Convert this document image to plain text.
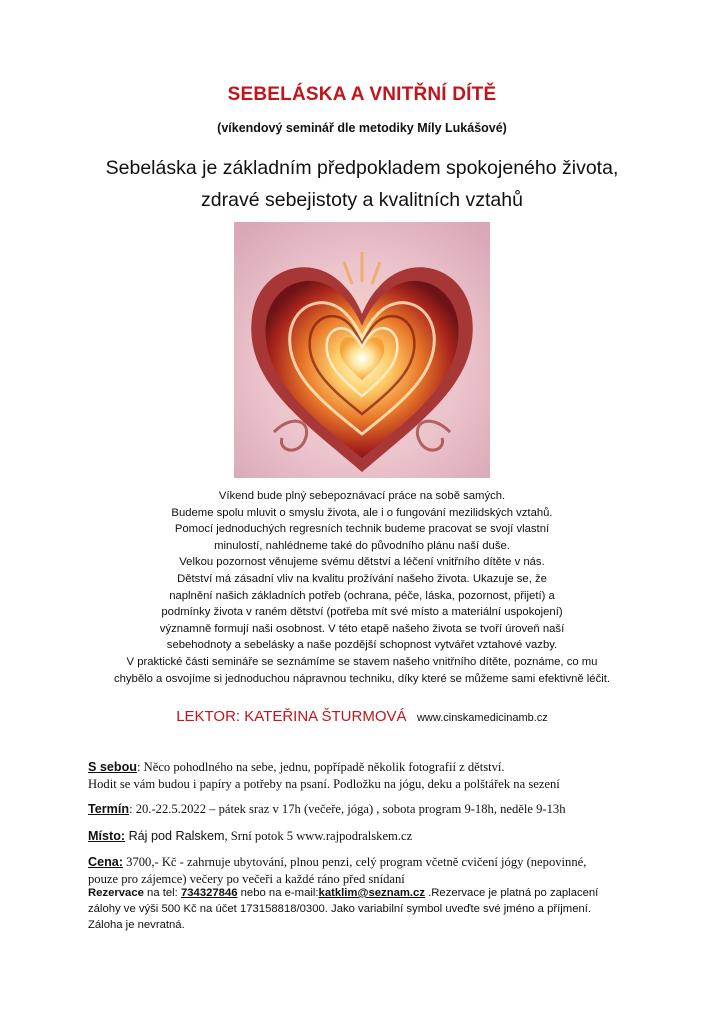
SEBELÁSKA A VNITŘNÍ DÍTĚ
(víkendový seminář dle metodiky Míly Lukášové)
Sebeláska je základním předpokladem spokojeného života,
zdravé sebejistoty a kvalitních vztahů
Víkend bude plný sebepoznávací práce na sobě samých.
Budeme spolu mluvit o smyslu života, ale i o fungování mezilidských vztahů.
Pomocí jednoduchých regresních technik budeme pracovat se svojí vlastní
minulostí, nahlédneme také do původního plánu naší duše.
Velkou pozornost věnujeme svému dětství a léčení vnitřního dítěte v nás.
Dětství má zásadní vliv na kvalitu prožívání našeho života. Ukazuje se, že
naplnění našich základních potřeb (ochrana, péče, láska, pozornost, přijetí) a
podmínky života v raném dětství (potřeba mít své místo a materiální uspokojení)
významně formují naši osobnost. V této etapě našeho života se tvoří úroveň naší
sebehodnoty a sebelásky a naše pozdější schopnost vytvářet vztahové vazby.
V praktické části semináře se seznámíme se stavem našeho vnitřního dítěte, poznáme, co mu
chybělo a osvojíme si jednoduchou nápravnou techniku, díky které se můžeme sami efektivně léčit.
LEKTOR: KATEŘINA ŠTURMOVÁ www.cinskamedicinamb.cz
S sebou: Něco pohodlného na sebe, jednu, popřípadě několik fotografií z dětství.
Hodit se vám budou i papíry a potřeby na psaní. Podložku na jógu, deku a polštářek na sezení
Termín: 20.-22.5.2022 – pátek sraz v 17h (večeře, jóga) , sobota program 9-18h, neděle 9-13h
Místo: Ráj pod Ralskem, Srní potok 5 www.rajpodralskem.cz
Cena: 3700,- Kč - zahrnuje ubytování, plnou penzi, celý program včetně cvičení jógy (nepovinné,
pouze pro zájemce) večery po večeři a každé ráno před snídaní
Rezervace na tel: 734327846 nebo na e-mail:katklim@seznam.cz .Rezervace je platná po zaplacení
zálohy ve výši 500 Kč na účet 173158818/0300. Jako variabilní symbol uveďte své jméno a příjmení.
Záloha je nevratná.
